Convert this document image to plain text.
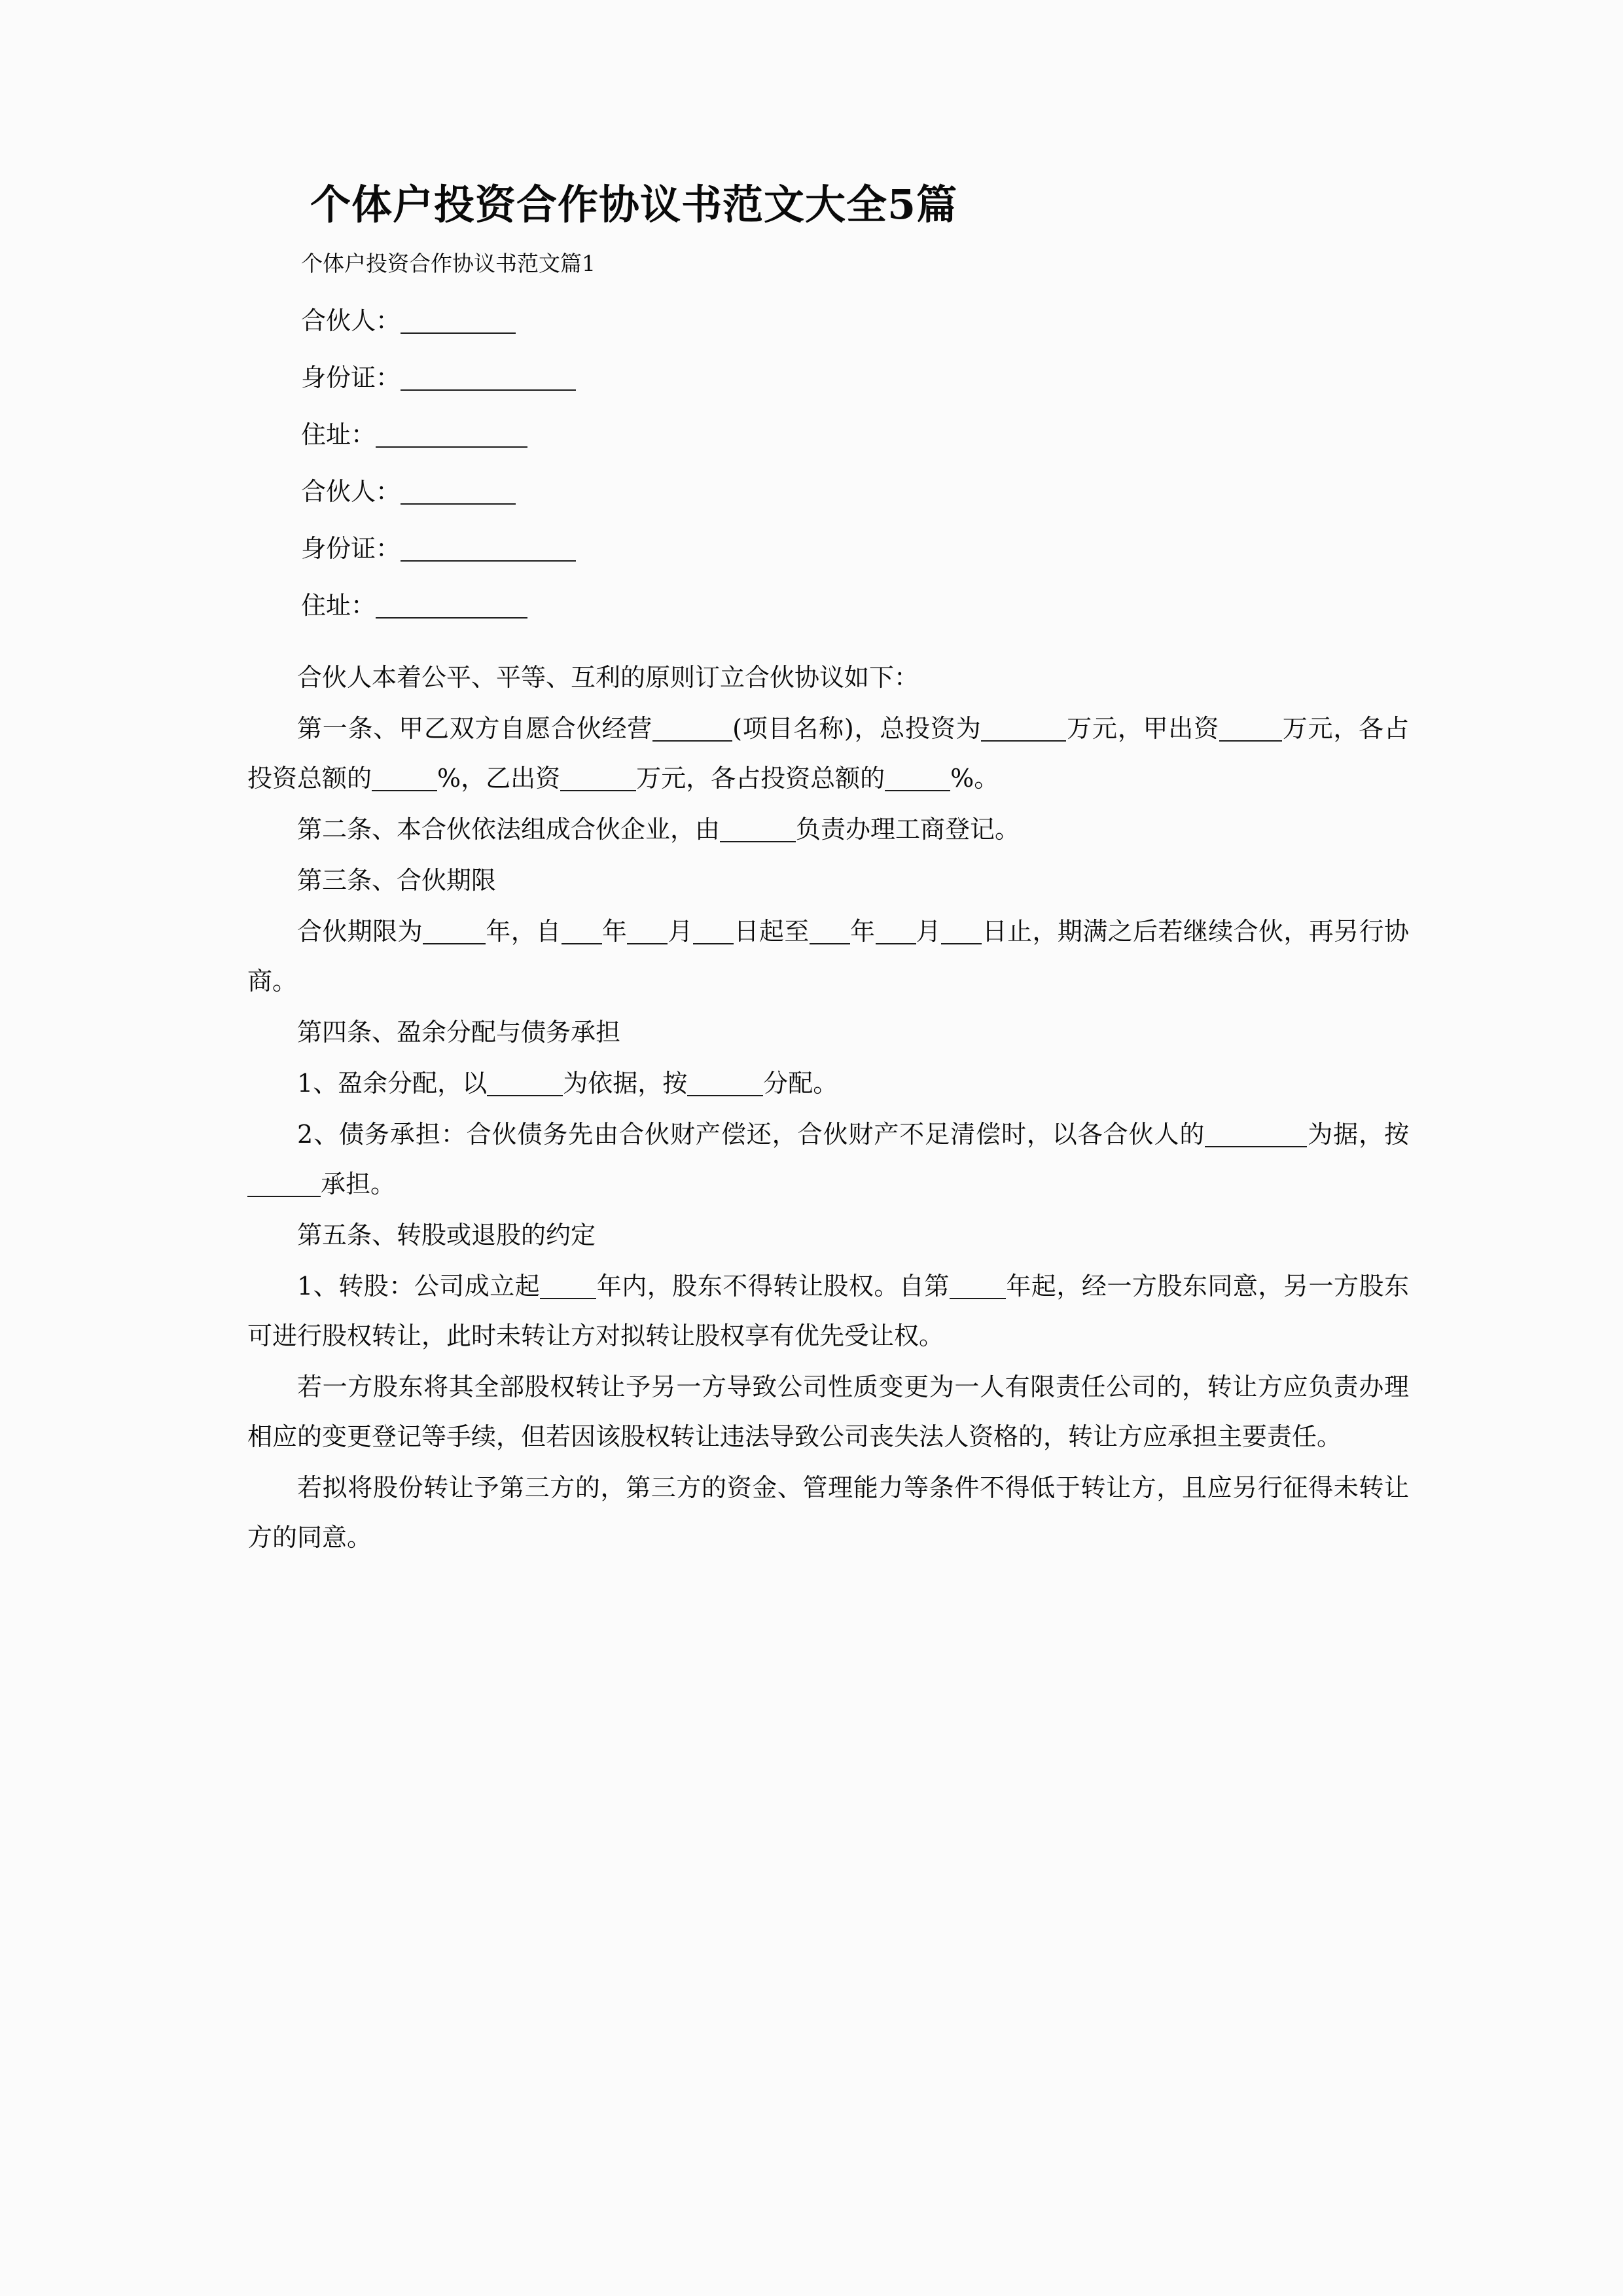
个体户投资合作协议书范文大全5篇
个体户投资合作协议书范文篇1
合伙人：
身份证：
住址：
合伙人：
身份证：
住址：

合伙人本着公平、平等、互利的原则订立合伙协议如下：

第一条、甲乙双方自愿合伙经营	(项目名称)，总投资为	万元，甲出资	万元，各占投资总额的	%，乙出资	万元，各占投资总额的	%。

第二条、本合伙依法组成合伙企业，由	负责办理工商登记。

第三条、合伙期限

合伙期限为	年，自 年 月 日起至 年 月 日止，期满之后若继续合伙，再另行协商。

第四条、盈余分配与债务承担

1、盈余分配，以	为依据，按	分配。

2、债务承担：合伙债务先由合伙财产偿还，合伙财产不足清偿时，以各合伙人的	为据，按承担。

第五条、转股或退股的约定

1、转股：公司成立起 年内，股东不得转让股权。自第 年起，经一方股东同意，另一方股东可进行股权转让，此时未转让方对拟转让股权享有优先受让权。

若一方股东将其全部股权转让予另一方导致公司性质变更为一人有限责任公司的，转让方应负责办理相应的变更登记等手续，但若因该股权转让违法导致公司丧失法人资格的，转让方应承担主要责任。

若拟将股份转让予第三方的，第三方的资金、管理能力等条件不得低于转让方，且应另行征得未转让方的同意。
